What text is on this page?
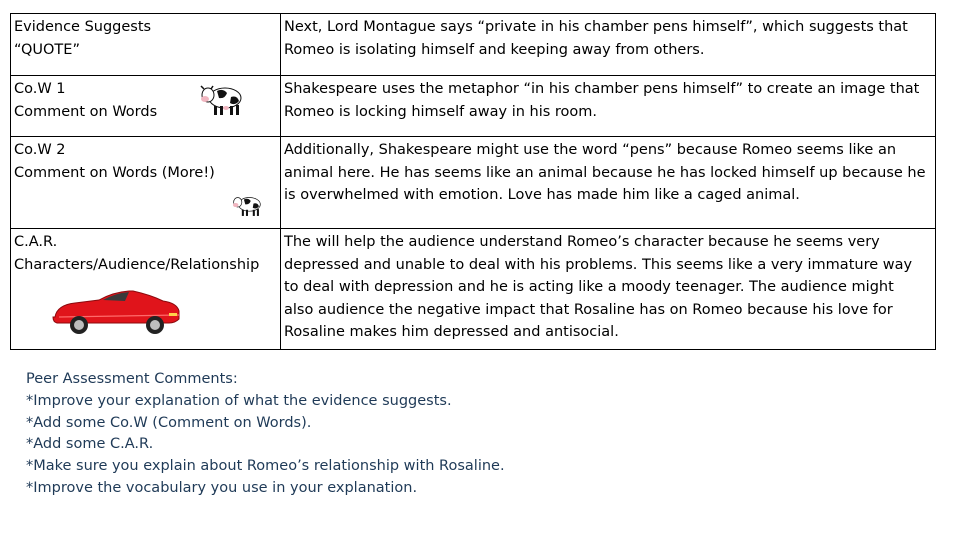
Evidence Suggests
“QUOTE”	Next, Lord Montague says “private in his chamber pens himself”, which suggests that
Romeo is isolating himself and keeping away from others.

Co.W 1
Comment on Words	Shakespeare uses the metaphor “in his chamber pens himself” to create an image that
Romeo is locking himself away in his room.

Co.W 2
Comment on Words (More!)	Additionally, Shakespeare might use the word “pens” because Romeo seems like an
animal here. He has seems like an animal because he has locked himself up because he
is overwhelmed with emotion. Love has made him like a caged animal.

C.A.R.
Characters/Audience/Relationship	The will help the audience understand Romeo’s character because he seems very
depressed and unable to deal with his problems. This seems like a very immature way
to deal with depression and he is acting like a moody teenager. The audience might
also audience the negative impact that Rosaline has on Romeo because his love for
Rosaline makes him depressed and antisocial.
Peer Assessment Comments:
*Improve your explanation of what the evidence suggests.
*Add some Co.W (Comment on Words).
*Add some C.A.R.
*Make sure you explain about Romeo’s relationship with Rosaline.
*Improve the vocabulary you use in your explanation.
